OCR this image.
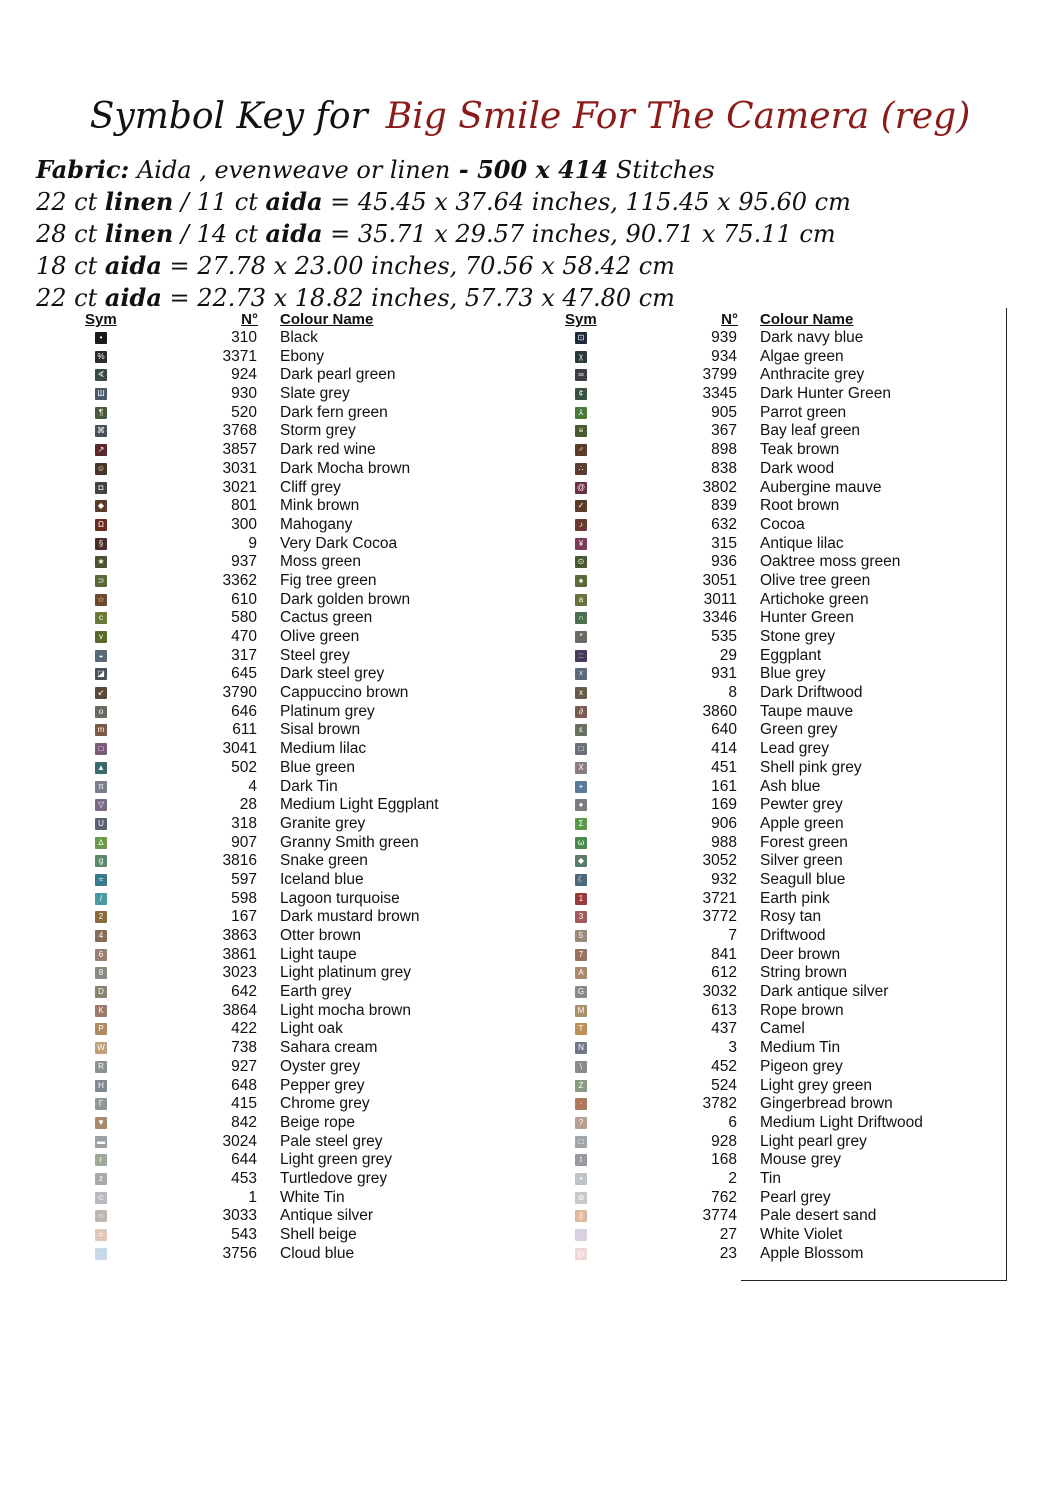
Symbol Key for Big Smile For The Camera (reg)
Fabric: Aida , evenweave or linen - 500 x 414 Stitches
22 ct linen / 11 ct aida = 45.45 x 37.64 inches, 115.45 x 95.60 cm
28 ct linen / 14 ct aida = 35.71 x 29.57 inches, 90.71 x 75.11 cm
18 ct aida = 27.78 x 23.00 inches, 70.56 x 58.42 cm
22 ct aida = 22.73 x 18.82 inches, 57.73 x 47.80 cm
Sym	N° Colour Name
•	310 Black
%	3371 Ebony
∢	924 Dark pearl green
Ш	930 Slate grey
¶	520 Dark fern green
⌘	3768 Storm grey
↗	3857 Dark red wine
☺	3031 Dark Mocha brown
◘	3021 Cliff grey
◆	801 Mink brown
Ω	300 Mahogany
§	9 Very Dark Cocoa
★	937 Moss green
⊃	3362 Fig tree green
☆	610 Dark golden brown
c	580 Cactus green
v	470 Olive green
◒	317 Steel grey
◪	645 Dark steel grey
↙	3790 Cappuccino brown
o	646 Platinum grey
m	611 Sisal brown
□	3041 Medium lilac
▲	502 Blue green
π	4 Dark Tin
▽	28 Medium Light Eggplant
U	318 Granite grey
∆	907 Granny Smith green
g	3816 Snake green
≈	597 Iceland blue
/	598 Lagoon turquoise
2	167 Dark mustard brown
4	3863 Otter brown
6	3861 Light taupe
8	3023 Light platinum grey
D	642 Earth grey
K	3864 Light mocha brown
P	422 Light oak
W	738 Sahara cream
R	927 Oyster grey
H	648 Pepper grey
Γ	415 Chrome grey
▼	842 Beige rope
▬	3024 Pale steel grey
r	644 Light green grey
z	453 Turtledove grey
⊂	1 White Tin
∩	3033 Antique silver
=	543 Shell beige
··	3756 Cloud blue
Sym	N° Colour Name
⊡	939 Dark navy blue
χ	934 Algae green
∞	3799 Anthracite grey
¢	3345 Dark Hunter Green
⅄	905 Parrot green
≡	367 Bay leaf green
♂	898 Teak brown
∴	838 Dark wood
@	3802 Aubergine mauve
✓	839 Root brown
♪	632 Cocoa
¥	315 Antique lilac
⊙	936 Oaktree moss green
♠	3051 Olive tree green
a	3011 Artichoke green
∩	3346 Hunter Green
*	535 Stone grey
::	29 Eggplant
☓	931 Blue grey
x	8 Dark Driftwood
∂	3860 Taupe mauve
ε	640 Green grey
□	414 Lead grey
X	451 Shell pink grey
+	161 Ash blue
●	169 Pewter grey
Σ	906 Apple green
ω	988 Forest green
◆	3052 Silver green
☾	932 Seagull blue
1	3721 Earth pink
3	3772 Rosy tan
5	7 Driftwood
7	841 Deer brown
A	612 String brown
G	3032 Dark antique silver
M	613 Rope brown
T	437 Camel
N	3 Medium Tin
\	452 Pigeon grey
Z	524 Light grey green
·	3782 Gingerbread brown
?	6 Medium Light Driftwood
□	928 Light pearl grey
t	168 Mouse grey
•	2 Tin
⊛	762 Pearl grey
||	3774 Pale desert sand
·.	27 White Violet
◎	23 Apple Blossom
